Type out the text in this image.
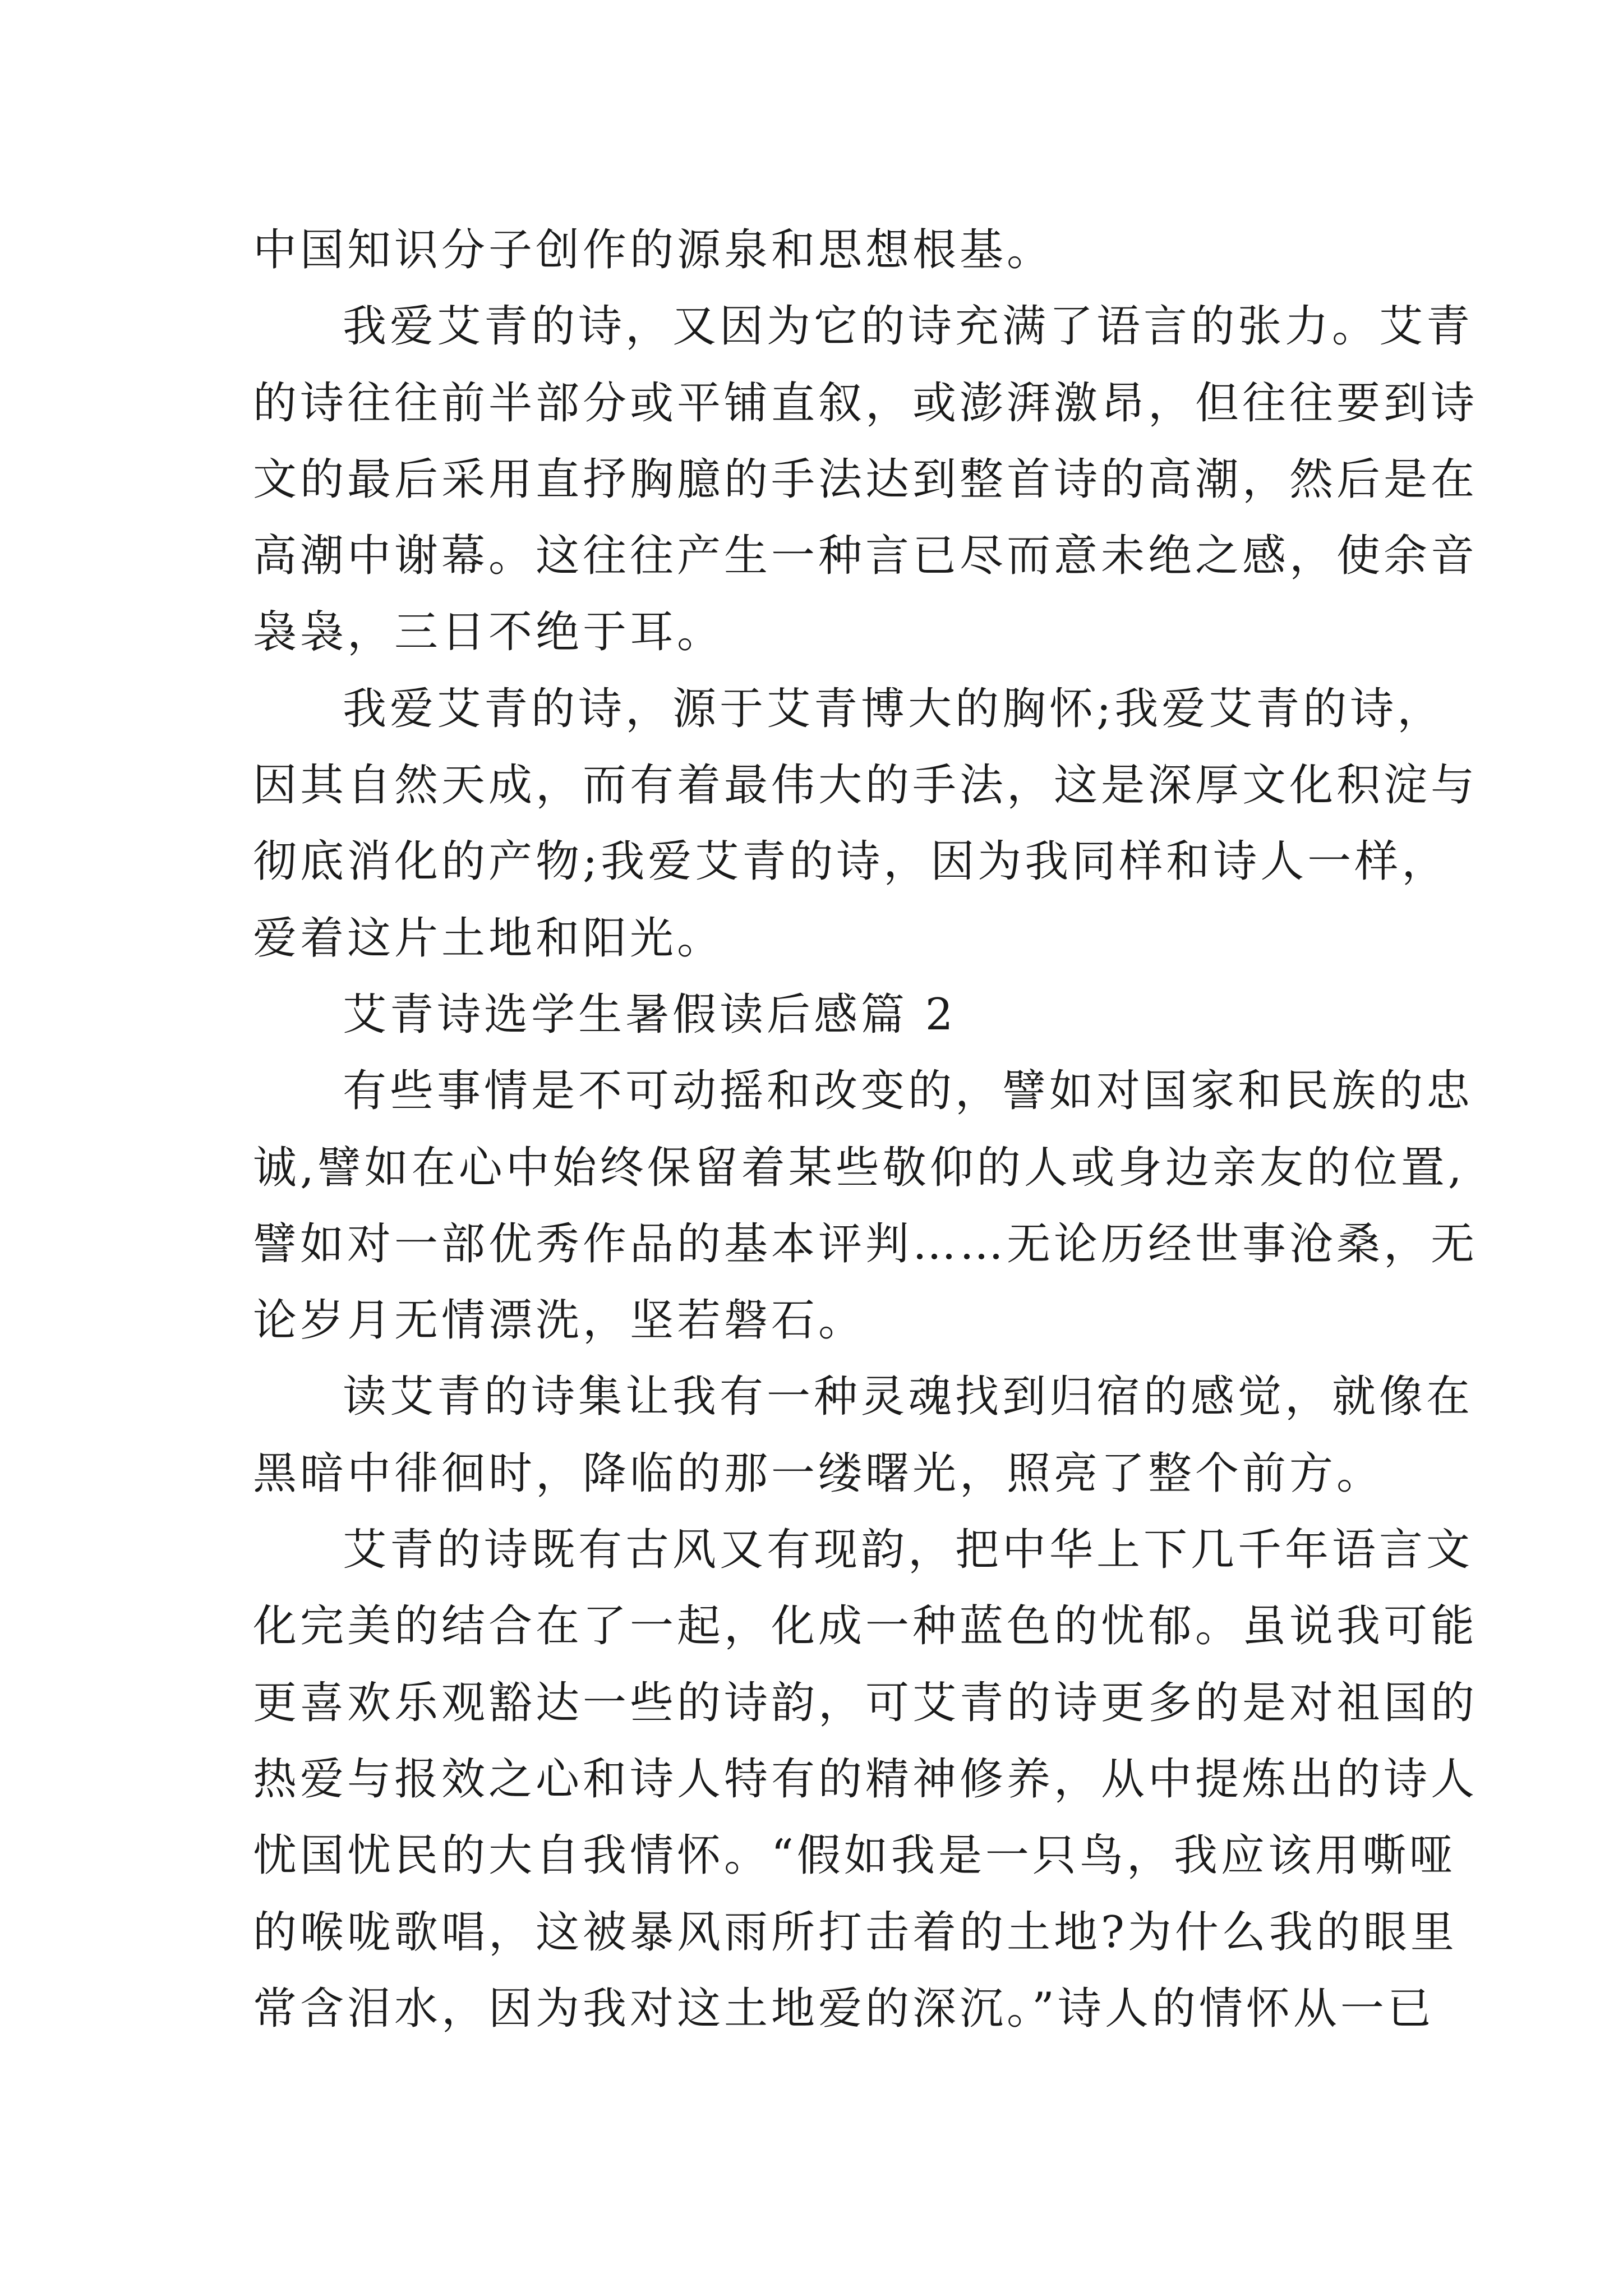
中国知识分子创作的源泉和思想根基。
我爱艾青的诗，又因为它的诗充满了语言的张力。艾青
的诗往往前半部分或平铺直叙，或澎湃激昂，但往往要到诗
文的最后采用直抒胸臆的手法达到整首诗的高潮，然后是在
高潮中谢幕。这往往产生一种言已尽而意未绝之感，使余音
袅袅，三日不绝于耳。
我爱艾青的诗，源于艾青博大的胸怀;我爱艾青的诗，
因其自然天成，而有着最伟大的手法，这是深厚文化积淀与
彻底消化的产物;我爱艾青的诗，因为我同样和诗人一样，
爱着这片土地和阳光。
艾青诗选学生暑假读后感篇 2
有些事情是不可动摇和改变的，譬如对国家和民族的忠
诚,譬如在心中始终保留着某些敬仰的人或身边亲友的位置,
譬如对一部优秀作品的基本评判……无论历经世事沧桑，无
论岁月无情漂洗，坚若磐石。
读艾青的诗集让我有一种灵魂找到归宿的感觉，就像在
黑暗中徘徊时，降临的那一缕曙光，照亮了整个前方。
艾青的诗既有古风又有现韵，把中华上下几千年语言文
化完美的结合在了一起，化成一种蓝色的忧郁。虽说我可能
更喜欢乐观豁达一些的诗韵，可艾青的诗更多的是对祖国的
热爱与报效之心和诗人特有的精神修养，从中提炼出的诗人
忧国忧民的大自我情怀。“假如我是一只鸟，我应该用嘶哑
的喉咙歌唱，这被暴风雨所打击着的土地?为什么我的眼里
常含泪水，因为我对这土地爱的深沉。”诗人的情怀从一已
